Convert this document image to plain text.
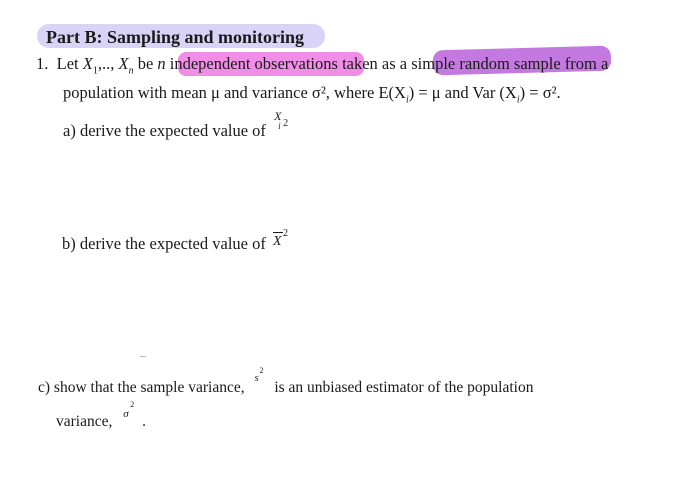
Part B: Sampling and monitoring
1. Let $X_1$,.., $X_n$ be n independent observations taken as a simple random sample from a
population with mean μ and variance σ², where $E(X_i) = \mu$ and Var $(X_i) = \sigma^2$.
a) derive the expected value of
X
i 2
b) derive the expected value of X
2
c) show that the sample variance,
s
2
is an unbiased estimator of the population
variance, σ
2
.
